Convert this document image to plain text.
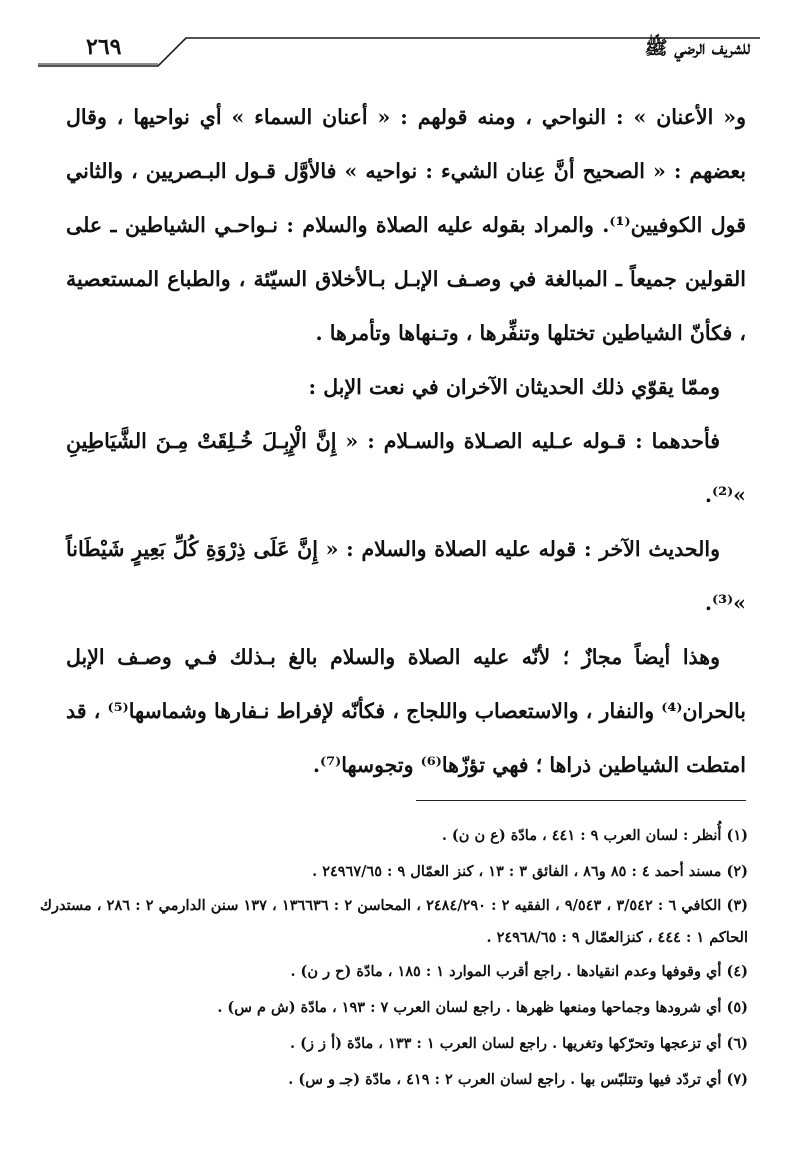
٢٦٩	للشريف الرضي ﷺ

و« الأعنان » : النواحي ، ومنه قولهم : « أعنان السماء » أي نواحيها ، وقال بعضهم : « الصحيح أنَّ عِنان الشيء : نواحيه » فالأوَّل قـول البـصريين ، والثاني قول الكوفيين⁽¹⁾. والمراد بقوله عليه الصلاة والسلام : نـواحـي الشياطين ـ على القولين جميعاً ـ المبالغة في وصـف الإبـل بـالأخلاق السيّئة ، والطباع المستعصية ، فكأنّ الشياطين تختلها وتنفِّرها ، وتـنهاها وتأمرها .

وممّا يقوّي ذلك الحديثان الآخران في نعت الإبل :

فأحدهما : قـوله عـليه الصـلاة والسـلام : « إِنَّ الْإِبِـلَ خُـلِقَتْ مِـنَ الشَّيَاطِينِ »⁽²⁾.

والحديث الآخر : قوله عليه الصلاة والسلام : « إِنَّ عَلَى ذِرْوَةِ كُلِّ بَعِيرٍ شَيْطَاناً »⁽³⁾.

وهذا أيضاً مجازٌ ؛ لأنّه عليه الصلاة والسلام بالغ بـذلك فـي وصـف الإبل بالحران⁽⁴⁾ والنفار ، والاستعصاب واللجاج ، فكأنّه لإفراط نـفارها وشماسها⁽⁵⁾ ، قد امتطت الشياطين ذراها ؛ فهي تؤزّها⁽⁶⁾ وتجوسها⁽⁷⁾.

(١) أُنظر : لسان العرب ٩ : ٤٤١ ، مادّة (ع ن ن) .

(٢) مسند أحمد ٤ : ٨٥ و٨٦ ، الفائق ٣ : ١٣ ، كنز العمّال ٩ : ٢٤٩٦٧/٦٥ .

(٣) الكافي ٦ : ٣/٥٤٢ ، ٩/٥٤٣ ، الفقيه ٢ : ٢٤٨٤/٢٩٠ ، المحاسن ٢ : ١٣٦٦٣٦ ، ١٣٧ سنن الدارمي ٢ : ٢٨٦ ، مستدرك الحاكم ١ : ٤٤٤ ، كنزالعمّال ٩ : ٢٤٩٦٨/٦٥ .

(٤) أي وقوفها وعدم انقيادها . راجع أقرب الموارد ١ : ١٨٥ ، مادّة (ح ر ن) .

(٥) أي شرودها وجماحها ومنعها ظهرها . راجع لسان العرب ٧ : ١٩٣ ، مادّة (ش م س) .

(٦) أي تزعجها وتحرّكها وتغريها . راجع لسان العرب ١ : ١٣٣ ، مادّة (أ ز ز) .

(٧) أي تردّد فيها وتتلبّس بها . راجع لسان العرب ٢ : ٤١٩ ، مادّة (جـ و س) .
